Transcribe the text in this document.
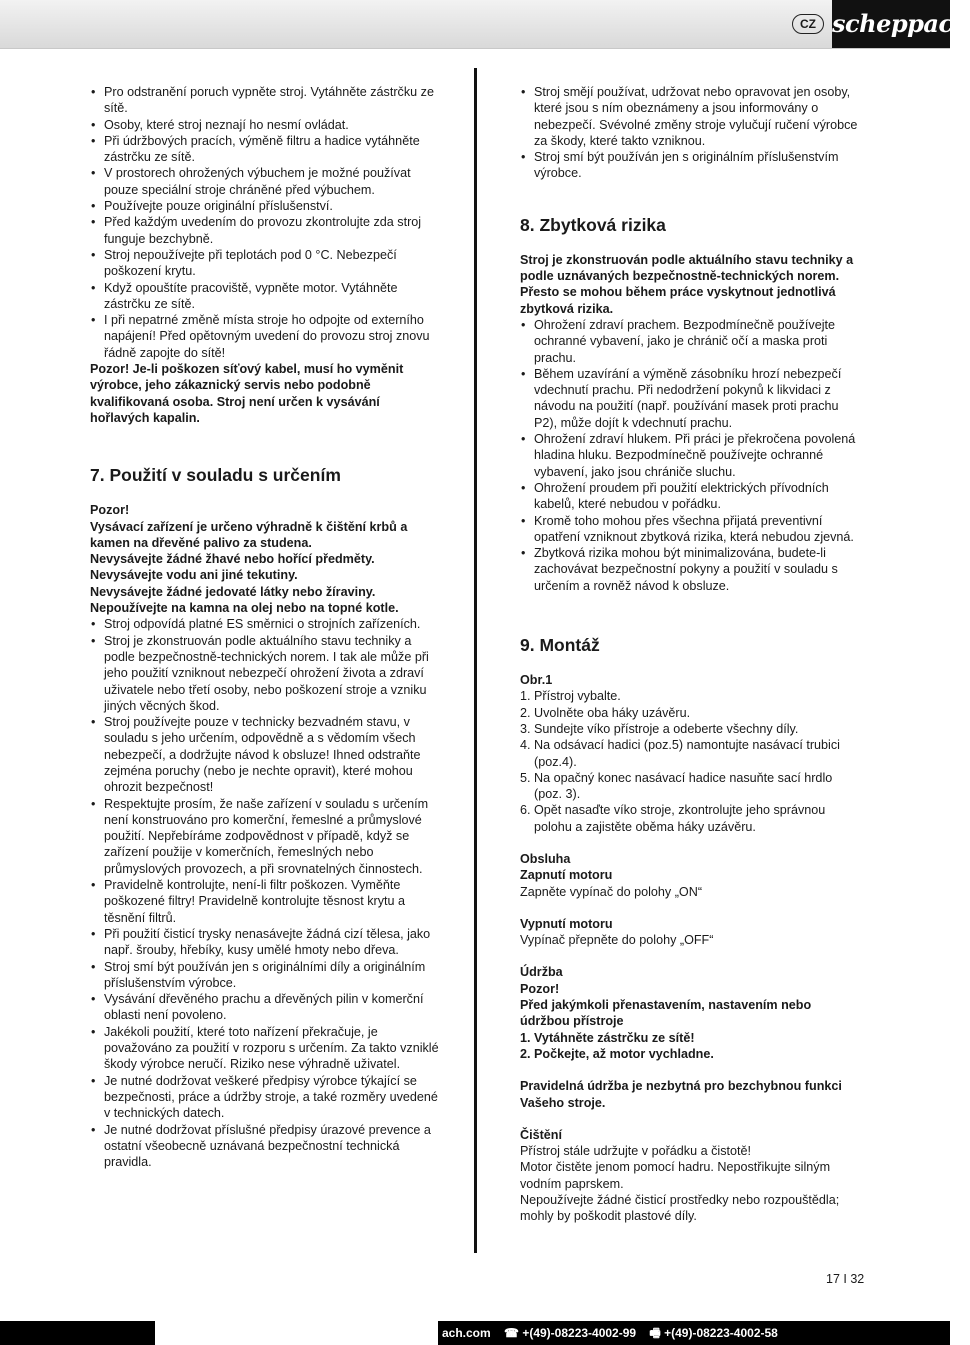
CZ scheppach

• Pro odstranění poruch vypněte stroj. Vytáhněte zástrčku ze sítě.

• Osoby, které stroj neznají ho nesmí ovládat.

• Při údržbových pracích, výměně filtru a hadice vytáhněte zástrčku ze sítě.

• V prostorech ohrožených výbuchem je možné používat pouze speciální stroje chráněné před výbuchem.

• Používejte pouze originální příslušenství.

• Před každým uvedením do provozu zkontrolujte zda stroj funguje bezchybně.

• Stroj nepoužívejte při teplotách pod 0 °C. Nebezpečí poškození krytu.

• Když opouštíte pracoviště, vypněte motor. Vytáhněte zástrčku ze sítě.

• I při nepatrné změně místa stroje ho odpojte od externího napájení! Před opětovným uvedení do provozu stroj znovu řádně zapojte do sítě!

Pozor! Je-li poškozen síťový kabel, musí ho vyměnit výrobce, jeho zákaznický servis nebo podobně kvalifikovaná osoba. Stroj není určen k vysávání hořlavých kapalin.

7. Použití v souladu s určením

Pozor!

Vysávací zařízení je určeno výhradně k čištění krbů a kamen na dřevěné palivo za studena.

Nevysávejte žádné žhavé nebo hořící předměty.

Nevysávejte vodu ani jiné tekutiny.

Nevysávejte žádné jedovaté látky nebo žíraviny.

Nepoužívejte na kamna na olej nebo na topné kotle.

• Stroj odpovídá platné ES směrnici o strojních zařízeních.

• Stroj je zkonstruován podle aktuálního stavu techniky a podle bezpečnostně-technických norem. I tak ale může při jeho použití vzniknout nebezpečí ohrožení života a zdraví uživatele nebo třetí osoby, nebo poškození stroje a vzniku jiných věcných škod.

• Stroj používejte pouze v technicky bezvadném stavu, v souladu s jeho určením, odpovědně a s vědomím všech nebezpečí, a dodržujte návod k obsluze! Ihned odstraňte zejména poruchy (nebo je nechte opravit), které mohou ohrozit bezpečnost!

• Respektujte prosím, že naše zařízení v souladu s určením není konstruováno pro komerční, řemeslné a průmyslové použití. Nepřebíráme zodpovědnost v případě, když se zařízení použije v komerčních, řemeslných nebo průmyslových provozech, a při srovnatelných činnostech.

• Pravidelně kontrolujte, není-li filtr poškozen. Vyměňte poškozené filtry! Pravidelně kontrolujte těsnost krytu a těsnění filtrů.

• Při použití čisticí trysky nenasávejte žádná cizí tělesa, jako např. šrouby, hřebíky, kusy umělé hmoty nebo dřeva.

• Stroj smí být používán jen s originálními díly a originálním příslušenstvím výrobce.

• Vysávání dřevěného prachu a dřevěných pilin v komerční oblasti není povoleno.

• Jakékoli použití, které toto nařízení překračuje, je považováno za použití v rozporu s určením. Za takto vzniklé škody výrobce neručí. Riziko nese výhradně uživatel.

• Je nutné dodržovat veškeré předpisy výrobce týkající se bezpečnosti, práce a údržby stroje, a také rozměry uvedené v technických datech.

• Je nutné dodržovat příslušné předpisy úrazové prevence a ostatní všeobecně uznávaná bezpečnostní technická pravidla.

• Stroj smějí používat, udržovat nebo opravovat jen osoby, které jsou s ním obeznámeny a jsou informovány o nebezpečí. Svévolné změny stroje vylučují ručení výrobce za škody, které takto vzniknou.

• Stroj smí být používán jen s originálním příslušenstvím výrobce.

8. Zbytková rizika

Stroj je zkonstruován podle aktuálního stavu techniky a podle uznávaných bezpečnostně-technických norem. Přesto se mohou během práce vyskytnout jednotlivá zbytková rizika.

• Ohrožení zdraví prachem. Bezpodmínečně používejte ochranné vybavení, jako je chránič očí a maska proti prachu.

• Během uzavírání a výměně zásobníku hrozí nebezpečí vdechnutí prachu. Při nedodržení pokynů k likvidaci z návodu na použití (např. používání masek proti prachu P2), může dojít k vdechnutí prachu.

• Ohrožení zdraví hlukem. Při práci je překročena povolená hladina hluku. Bezpodmínečně používejte ochranné vybavení, jako jsou chrániče sluchu.

• Ohrožení proudem při použití elektrických přívodních kabelů, které nebudou v pořádku.

• Kromě toho mohou přes všechna přijatá preventivní opatření vzniknout zbytková rizika, která nebudou zjevná.

• Zbytková rizika mohou být minimalizována, budete-li zachovávat bezpečnostní pokyny a použití v souladu s určením a rovněž návod k obsluze.

9. Montáž

Obr.1

1. Přístroj vybalte.

2. Uvolněte oba háky uzávěru.

3. Sundejte víko přístroje a odeberte všechny díly.

4. Na odsávací hadici (poz.5) namontujte nasávací trubici (poz.4).

5. Na opačný konec nasávací hadice nasuňte sací hrdlo (poz. 3).

6. Opět nasaďte víko stroje, zkontrolujte jeho správnou polohu a zajistěte oběma háky uzávěru.

Obsluha

Zapnutí motoru

Zapněte vypínač do polohy „ON“

Vypnutí motoru

Vypínač přepněte do polohy „OFF“

Údržba

Pozor!

Před jakýmkoli přenastavením, nastavením nebo údržbou přístroje

1. Vytáhněte zástrčku ze sítě!

2. Počkejte, až motor vychladne.

Pravidelná údržba je nezbytná pro bezchybnou funkci Vašeho stroje.

Čištění

Přístroj stále udržujte v pořádku a čistotě!

Motor čistěte jenom pomocí hadru. Nepostřikujte silným vodním paprskem.

Nepoužívejte žádné čisticí prostředky nebo rozpouštědla; mohly by poškodit plastové díly.

17 I 32
ach.com ☎ +(49)-08223-4002-99 🖷 +(49)-08223-4002-58
